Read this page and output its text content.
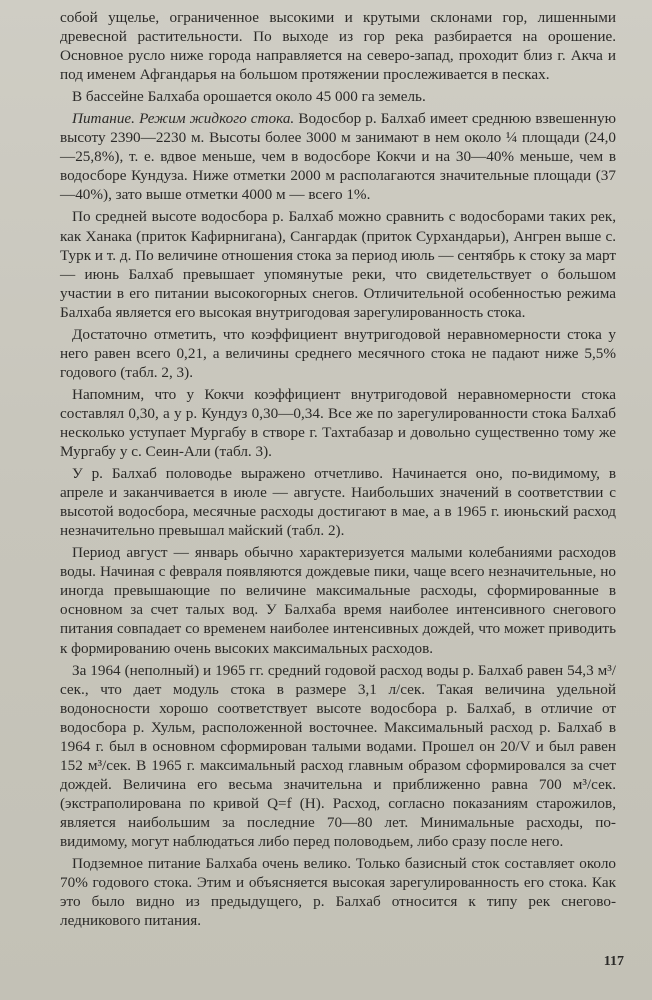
собой ущелье, ограниченное высокими и крутыми склонами гор, лишенными древесной растительности. По выходе из гор река разбирается на орошение. Основное русло ниже города направляется на северо-запад, проходит близ г. Акча и под именем Афгандарья на большом протяжении прослеживается в песках.

В бассейне Балхаба орошается около 45 000 га земель.

Питание. Режим жидкого стока. Водосбор р. Балхаб имеет среднюю взвешенную высоту 2390—2230 м. Высоты более 3000 м занимают в нем около ¼ площади (24,0—25,8%), т. е. вдвое меньше, чем в водосборе Кокчи и на 30—40% меньше, чем в водосборе Кундуза. Ниже отметки 2000 м располагаются значительные площади (37—40%), зато выше отметки 4000 м — всего 1%.

По средней высоте водосбора р. Балхаб можно сравнить с водосборами таких рек, как Ханака (приток Кафирнигана), Сангардак (приток Сурхандарьи), Ангрен выше с. Турк и т. д. По величине отношения стока за период июль — сентябрь к стоку за март — июнь Балхаб превышает упомянутые реки, что свидетельствует о большом участии в его питании высокогорных снегов. Отличительной особенностью режима Балхаба является его высокая внутригодовая зарегулированность стока.

Достаточно отметить, что коэффициент внутригодовой неравномерности стока у него равен всего 0,21, а величины среднего месячного стока не падают ниже 5,5% годового (табл. 2, 3).

Напомним, что у Кокчи коэффициент внутригодовой неравномерности стока составлял 0,30, а у р. Кундуз 0,30—0,34. Все же по зарегулированности стока Балхаб несколько уступает Мургабу в створе г. Тахтабазар и довольно существенно тому же Мургабу у с. Сеин-Али (табл. 3).

У р. Балхаб половодье выражено отчетливо. Начинается оно, по-видимому, в апреле и заканчивается в июле — августе. Наибольших значений в соответствии с высотой водосбора, месячные расходы достигают в мае, а в 1965 г. июньский расход незначительно превышал майский (табл. 2).

Период август — январь обычно характеризуется малыми колебаниями расходов воды. Начиная с февраля появляются дождевые пики, чаще всего незначительные, но иногда превышающие по величине максимальные расходы, сформированные в основном за счет талых вод. У Балхаба время наиболее интенсивного снегового питания совпадает со временем наиболее интенсивных дождей, что может приводить к формированию очень высоких максимальных расходов.

За 1964 (неполный) и 1965 гг. средний годовой расход воды р. Балхаб равен 54,3 м³/сек., что дает модуль стока в размере 3,1 л/сек. Такая величина удельной водоносности хорошо соответствует высоте водосбора р. Балхаб, в отличие от водосбора р. Хульм, расположенной восточнее. Максимальный расход р. Балхаб в 1964 г. был в основном сформирован талыми водами. Прошел он 20/V и был равен 152 м³/сек. В 1965 г. максимальный расход главным образом сформировался за счет дождей. Величина его весьма значительна и приближенно равна 700 м³/сек. (экстраполирована по кривой Q=f (H). Расход, согласно показаниям старожилов, является наибольшим за последние 70—80 лет. Минимальные расходы, по-видимому, могут наблюдаться либо перед половодьем, либо сразу после него.

Подземное питание Балхаба очень велико. Только базисный сток составляет около 70% годового стока. Этим и объясняется высокая зарегулированность его стока. Как это было видно из предыдущего, р. Балхаб относится к типу рек снегово-ледникового питания.

117
